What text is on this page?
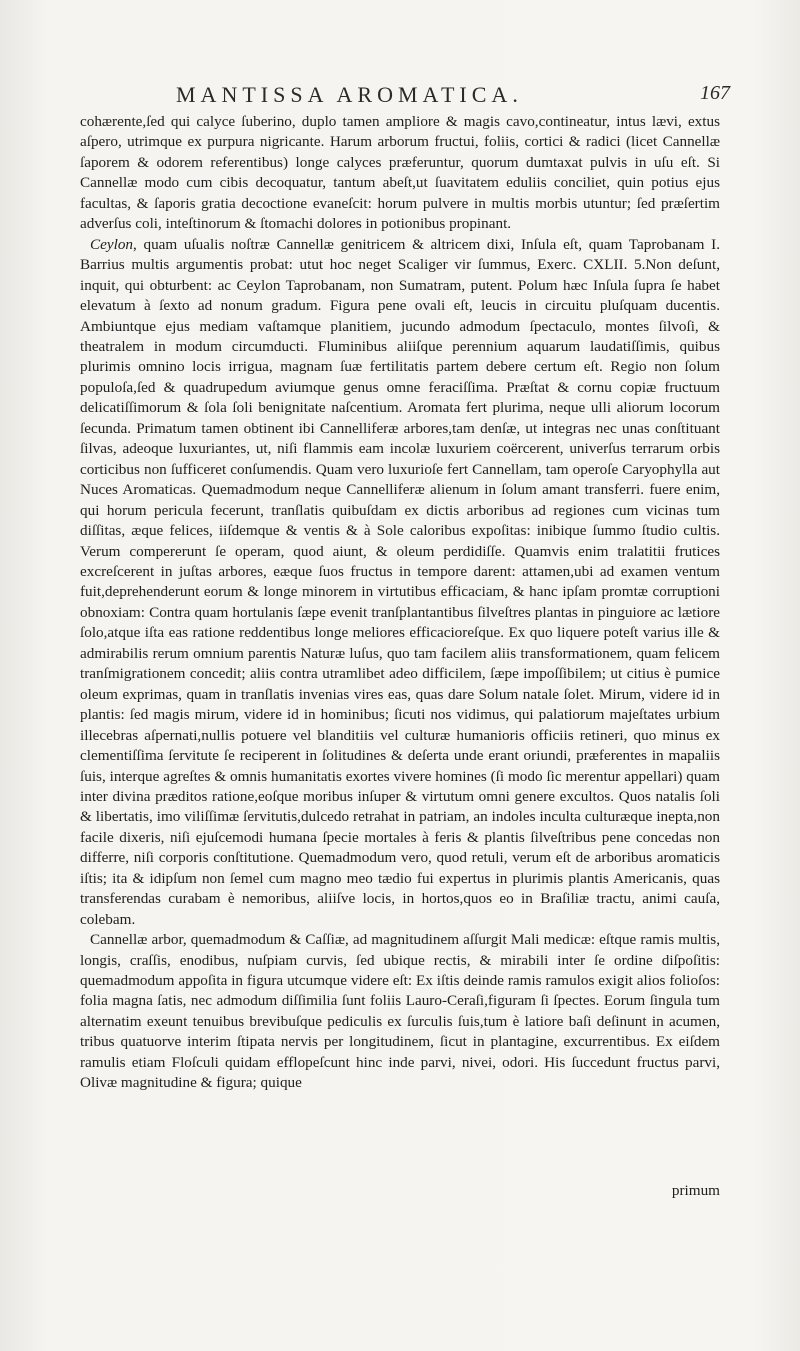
MANTISSA AROMATICA.	167

cohærente,ſed qui calyce ſuberino, duplo tamen ampliore & magis cavo,contineatur, intus lævi, extus aſpero, utrimque ex purpura nigricante. Harum arborum fructui, foliis, cortici & radici (licet Cannellæ ſaporem & odorem referentibus) longe calyces præferuntur, quorum dumtaxat pulvis in uſu eſt. Si Cannellæ modo cum cibis decoquatur, tantum abeſt,ut ſuavitatem eduliis conciliet, quin potius ejus facultas, & ſaporis gratia decoctione evaneſcit: horum pulvere in multis morbis utuntur; ſed præſertim adverſus coli, inteſtinorum & ſtomachi dolores in potionibus propinant.

Ceylon, quam uſualis noſtræ Cannellæ genitricem & altricem dixi, Inſula eſt, quam Taprobanam I. Barrius multis argumentis probat: utut hoc neget Scaliger vir ſummus, Exerc. CXLII. 5.Non deſunt, inquit, qui obturbent: ac Ceylon Taprobanam, non Sumatram, putent. Polum hæc Inſula ſupra ſe habet elevatum à ſexto ad nonum gradum. Figura pene ovali eſt, leucis in circuitu pluſquam ducentis. Ambiuntque ejus mediam vaſtamque planitiem, jucundo admodum ſpectaculo, montes ſilvoſi, & theatralem in modum circumducti. Fluminibus aliiſque perennium aquarum laudatiſſimis, quibus plurimis omnino locis irrigua, magnam ſuæ fertilitatis partem debere certum eſt. Regio non ſolum populoſa,ſed & quadrupedum aviumque genus omne feraciſſima. Præſtat & cornu copiæ fructuum delicatiſſimorum & ſola ſoli benignitate naſcentium. Aromata fert plurima, neque ulli aliorum locorum ſecunda. Primatum tamen obtinent ibi Cannelliferæ arbores,tam denſæ, ut integras nec unas conſtituant ſilvas, adeoque luxuriantes, ut, niſi flammis eam incolæ luxuriem coërcerent, univerſus terrarum orbis corticibus non ſufficeret conſumendis. Quam vero luxurioſe fert Cannellam, tam operoſe Caryophylla aut Nuces Aromaticas. Quemadmodum neque Cannelliferæ alienum in ſolum amant transferri. fuere enim, qui horum pericula fecerunt, tranſlatis quibuſdam ex dictis arboribus ad regiones cum vicinas tum diſſitas, æque felices, iiſdemque & ventis & à Sole caloribus expoſitas: inibique ſummo ſtudio cultis. Verum compererunt ſe operam, quod aiunt, & oleum perdidiſſe. Quamvis enim tralatitii frutices excreſcerent in juſtas arbores, eæque ſuos fructus in tempore darent: attamen,ubi ad examen ventum fuit,deprehenderunt eorum & longe minorem in virtutibus efficaciam, & hanc ipſam promtæ corruptioni obnoxiam: Contra quam hortulanis ſæpe evenit tranſplantantibus ſilveſtres plantas in pinguiore ac lætiore ſolo,atque iſta eas ratione reddentibus longe meliores efficacioreſque. Ex quo liquere poteſt varius ille & admirabilis rerum omnium parentis Naturæ luſus, quo tam facilem aliis transformationem, quam felicem tranſmigrationem concedit; aliis contra utramlibet adeo difficilem, ſæpe impoſſibilem; ut citius è pumice oleum exprimas, quam in tranſlatis invenias vires eas, quas dare Solum natale ſolet. Mirum, videre id in plantis: ſed magis mirum, videre id in hominibus; ſicuti nos vidimus, qui palatiorum majeſtates urbium illecebras aſpernati,nullis potuere vel blanditiis vel culturæ humanioris officiis retineri, quo minus ex clementiſſima ſervitute ſe reciperent in ſolitudines & deſerta unde erant oriundi, præferentes in mapaliis ſuis, interque agreſtes & omnis humanitatis exortes vivere homines (ſi modo ſic merentur appellari) quam inter divina præditos ratione,eoſque moribus inſuper & virtutum omni genere excultos. Quos natalis ſoli & libertatis, imo viliſſimæ ſervitutis,dulcedo retrahat in patriam, an indoles inculta culturæque inepta,non facile dixeris, niſi ejuſcemodi humana ſpecie mortales à feris & plantis ſilveſtribus pene concedas non differre, niſi corporis conſtitutione. Quemadmodum vero, quod retuli, verum eſt de arboribus aromaticis iſtis; ita & idipſum non ſemel cum magno meo tædio fui expertus in plurimis plantis Americanis, quas transferendas curabam è nemoribus, aliiſve locis, in hortos,quos eo in Braſiliæ tractu, animi cauſa, colebam.

Cannellæ arbor, quemadmodum & Caſſiæ, ad magnitudinem aſſurgit Mali medicæ: eſtque ramis multis, longis, craſſis, enodibus, nuſpiam curvis, ſed ubique rectis, & mirabili inter ſe ordine diſpoſitis: quemadmodum appoſita in figura utcumque videre eſt: Ex iſtis deinde ramis ramulos exigit alios folioſos: folia magna ſatis, nec admodum diſſimilia ſunt foliis Lauro-Ceraſi,figuram ſi ſpectes. Eorum ſingula tum alternatim exeunt tenuibus brevibuſque pediculis ex ſurculis ſuis,tum è latiore baſi deſinunt in acumen, tribus quatuorve interim ſtipata nervis per longitudinem, ſicut in plantagine, excurrentibus. Ex eiſdem ramulis etiam Floſculi quidam efflореſcunt hinc inde parvi, nivei, odori. His ſuccedunt fructus parvi, Olivæ magnitudine & figura; quique

primum
